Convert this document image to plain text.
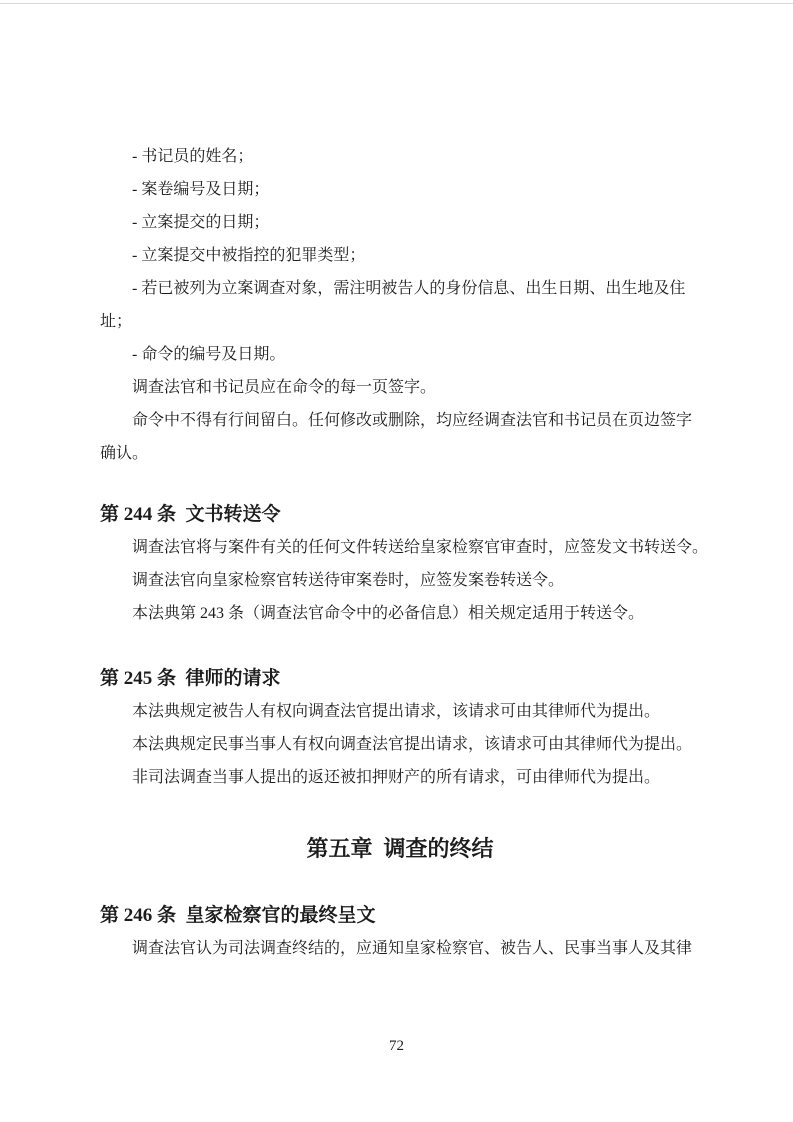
- 书记员的姓名；

- 案卷编号及日期；

- 立案提交的日期；

- 立案提交中被指控的犯罪类型；

- 若已被列为立案调查对象，需注明被告人的身份信息、出生日期、出生地及住址；

- 命令的编号及日期。

调查法官和书记员应在命令的每一页签字。

命令中不得有行间留白。任何修改或删除，均应经调查法官和书记员在页边签字确认。

第 244 条  文书转送令

调查法官将与案件有关的任何文件转送给皇家检察官审查时，应签发文书转送令。

调查法官向皇家检察官转送待审案卷时，应签发案卷转送令。

本法典第 243 条（调查法官命令中的必备信息）相关规定适用于转送令。

第 245 条  律师的请求

本法典规定被告人有权向调查法官提出请求，该请求可由其律师代为提出。

本法典规定民事当事人有权向调查法官提出请求，该请求可由其律师代为提出。

非司法调查当事人提出的返还被扣押财产的所有请求，可由律师代为提出。

第五章  调查的终结
第 246 条  皇家检察官的最终呈文

调查法官认为司法调查终结的，应通知皇家检察官、被告人、民事当事人及其律

72
